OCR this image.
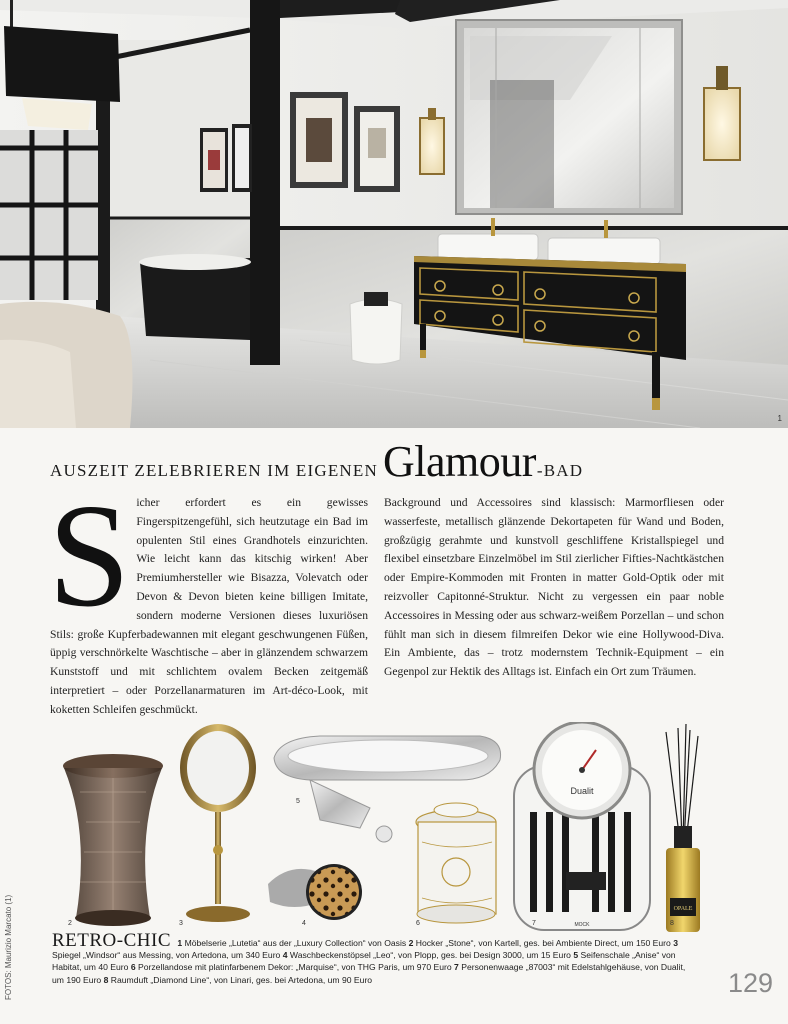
1
AUSZEIT ZELEBRIEREN IM EIGENEN Glamour-BAD
Sicher erfordert es ein gewisses Fingerspitzengefühl, sich heutzutage ein Bad im opulenten Stil eines Grandhotels einzurichten. Wie leicht kann das kitschig wirken! Aber Premiumhersteller wie Bisazza, Volevatch oder Devon & Devon bieten keine billigen Imitate, sondern moderne Versionen dieses luxuriösen Stils: große Kupferbadewannen mit elegant geschwungenen Füßen, üppig verschnörkelte Waschtische – aber in glänzendem schwarzem Kunststoff und mit schlichtem ovalem Becken zeitgemäß interpretiert – oder Porzellanarmaturen im Art-déco-Look, mit koketten Schleifen geschmückt.
Background und Accessoires sind klassisch: Marmorfliesen oder wasserfeste, metallisch glänzende Dekortapeten für Wand und Boden, großzügig gerahmte und kunstvoll geschliffene Kristallspiegel und flexibel einsetzbare Einzelmöbel im Stil zierlicher Fifties-Nachtkästchen oder Empire-Kommoden mit Fronten in matter Gold-Optik oder mit reizvoller Capitonné-Struktur. Nicht zu vergessen ein paar noble Accessoires in Messing oder aus schwarz-weißem Porzellan – und schon fühlt man sich in diesem filmreifen Dekor wie eine Hollywood-Diva. Ein Ambiente, das – trotz modernstem Technik-Equipment – ein Gegenpol zur Hektik des Alltags ist. Einfach ein Ort zum Träumen.
Dualit
MOCK
OPALE
2	3	4
5
6	7	8
RETRO-CHIC 1 Möbelserie „Lutetia“ aus der „Luxury Collection“ von Oasis 2 Hocker „Stone“, von Kartell, ges. bei Ambiente Direct, um 150 Euro 3 Spiegel „Windsor“ aus Messing, von Artedona, um 340 Euro 4 Waschbeckenstöpsel „Leo“, von Plopp, ges. bei Design 3000, um 15 Euro 5 Seifenschale „Anise“ von Habitat, um 40 Euro 6 Porzellandose mit platinfarbenem Dekor: „Marquise“, von THG Paris, um 970 Euro 7 Personenwaage „87003“ mit Edelstahlgehäuse, von Dualit, um 190 Euro 8 Raumduft „Diamond Line“, von Linari, ges. bei Artedona, um 90 Euro	129
FOTOS: Maurizio Marcato (1)
